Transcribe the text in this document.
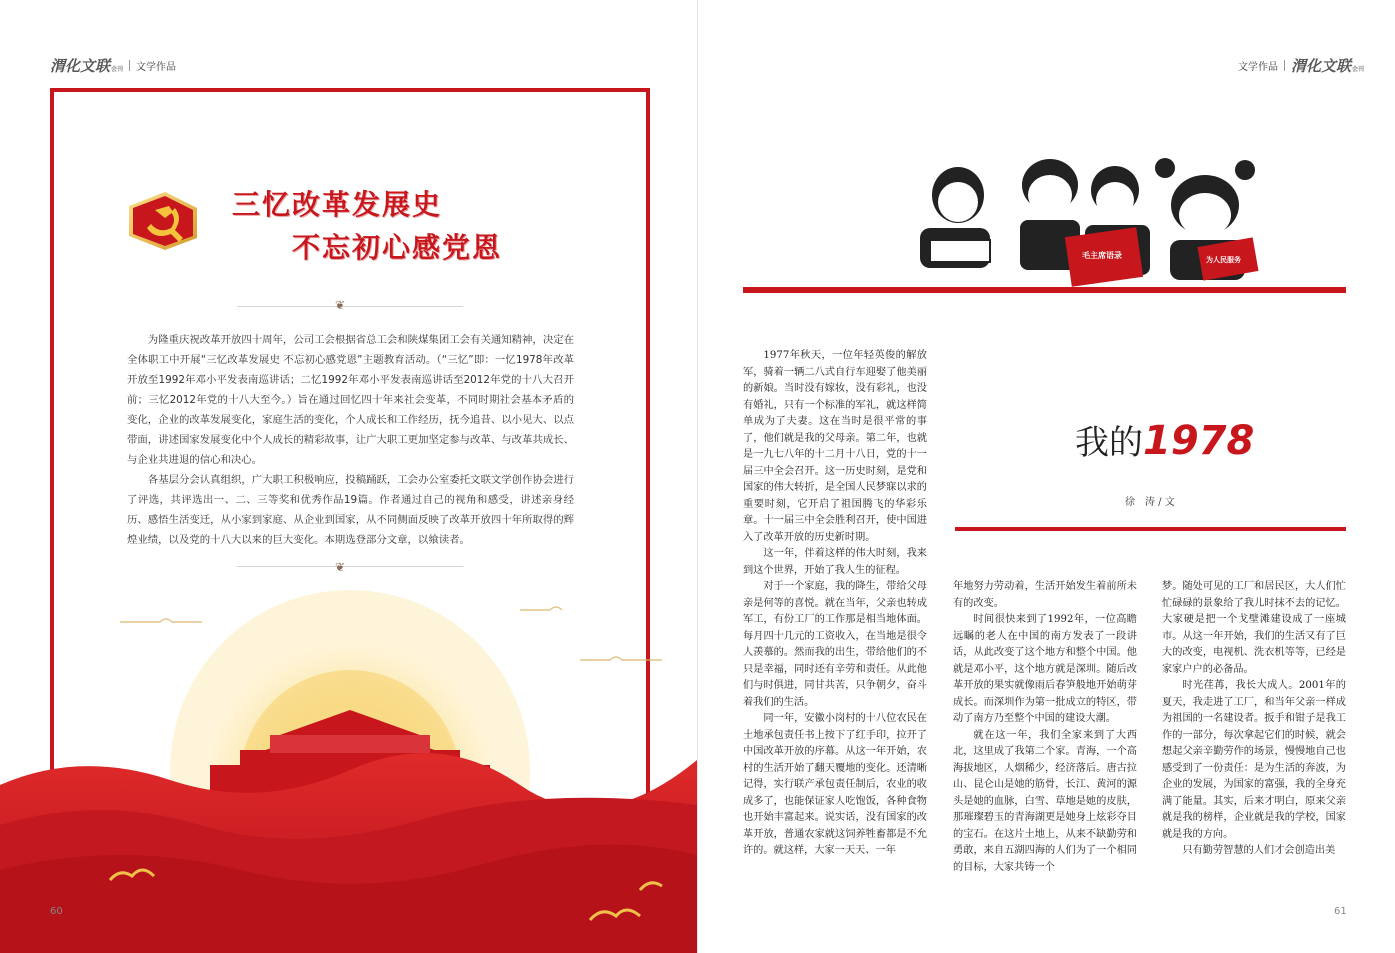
渭化文联会刊 文学作品
三忆改革发展史
不忘初心感党恩
❦

为隆重庆祝改革开放四十周年，公司工会根据省总工会和陕煤集团工会有关通知精神，决定在全体职工中开展“三忆改革发展史 不忘初心感党恩”主题教育活动。（“三忆”即：一忆1978年改革开放至1992年邓小平发表南巡讲话；二忆1992年邓小平发表南巡讲话至2012年党的十八大召开前；三忆2012年党的十八大至今。）旨在通过回忆四十年来社会变革，不同时期社会基本矛盾的变化，企业的改革发展变化，家庭生活的变化，个人成长和工作经历，抚今追昔、以小见大、以点带面，讲述国家发展变化中个人成长的精彩故事，让广大职工更加坚定参与改革、与改革共成长、与企业共进退的信心和决心。

各基层分会认真组织，广大职工积极响应，投稿踊跃，工会办公室委托文联文学创作协会进行了评选，共评选出一、二、三等奖和优秀作品19篇。作者通过自己的视角和感受，讲述亲身经历、感悟生活变迁，从小家到家庭、从企业到国家，从不同侧面反映了改革开放四十年所取得的辉煌业绩，以及党的十八大以来的巨大变化。本期选登部分文章，以飨读者。

❦
60
文学作品 渭化文联会刊
毛主席语录	为人民服务
我的1978
徐　涛 / 文

1977年秋天，一位年轻英俊的解放军，骑着一辆二八式自行车迎娶了他美丽的新娘。当时没有嫁妆，没有彩礼，也没有婚礼，只有一个标准的军礼，就这样简单成为了夫妻。这在当时是很平常的事了，他们就是我的父母亲。第二年，也就是一九七八年的十二月十八日，党的十一届三中全会召开。这一历史时刻，是党和国家的伟大转折，是全国人民梦寐以求的重要时刻，它开启了祖国腾飞的华彩乐章。十一届三中全会胜利召开，使中国进入了改革开放的历史新时期。

这一年，伴着这样的伟大时刻，我来到这个世界，开始了我人生的征程。

对于一个家庭，我的降生，带给父母亲是何等的喜悦。就在当年，父亲也转成军工，有份工厂的工作那是相当地体面。每月四十几元的工资收入，在当地是很令人羡慕的。然而我的出生，带给他们的不只是幸福，同时还有辛劳和责任。从此他们与时俱进，同甘共苦，只争朝夕，奋斗着我们的生活。

同一年，安徽小岗村的十八位农民在土地承包责任书上按下了红手印，拉开了中国改革开放的序幕。从这一年开始，农村的生活开始了翻天覆地的变化。还清晰记得，实行联产承包责任制后，农业的收成多了，也能保证家人吃饱饭，各种食物也开始丰富起来。说实话，没有国家的改革开放，普通农家就这饲养牲畜都是不允许的。就这样，大家一天天、一年

年地努力劳动着，生活开始发生着前所未有的改变。

时间很快来到了1992年，一位高瞻远瞩的老人在中国的南方发表了一段讲话，从此改变了这个地方和整个中国。他就是邓小平，这个地方就是深圳。随后改革开放的果实就像雨后春笋般地开始萌芽成长。而深圳作为第一批成立的特区，带动了南方乃至整个中国的建设大潮。

就在这一年，我们全家来到了大西北，这里成了我第二个家。青海，一个高海拔地区，人烟稀少，经济落后。唐古拉山、昆仑山是她的筋骨，长江、黄河的源头是她的血脉，白雪、草地是她的皮肤，那璀璨碧玉的青海湖更是她身上炫彩夺目的宝石。在这片土地上，从来不缺勤劳和勇敢，来自五湖四海的人们为了一个相同的目标，大家共铸一个

梦。随处可见的工厂和居民区，大人们忙忙碌碌的景象给了我儿时抹不去的记忆。大家硬是把一个戈壁滩建设成了一座城市。从这一年开始，我们的生活又有了巨大的改变，电视机、洗衣机等等，已经是家家户户的必备品。

时光荏苒，我长大成人。2001年的夏天，我走进了工厂，和当年父亲一样成为祖国的一名建设者。扳手和钳子是我工作的一部分，每次拿起它们的时候，就会想起父亲辛勤劳作的场景，慢慢地自己也感受到了一份责任：是为生活的奔波，为企业的发展，为国家的富强，我的全身充满了能量。其实，后来才明白，原来父亲就是我的榜样，企业就是我的学校，国家就是我的方向。

只有勤劳智慧的人们才会创造出美

61
